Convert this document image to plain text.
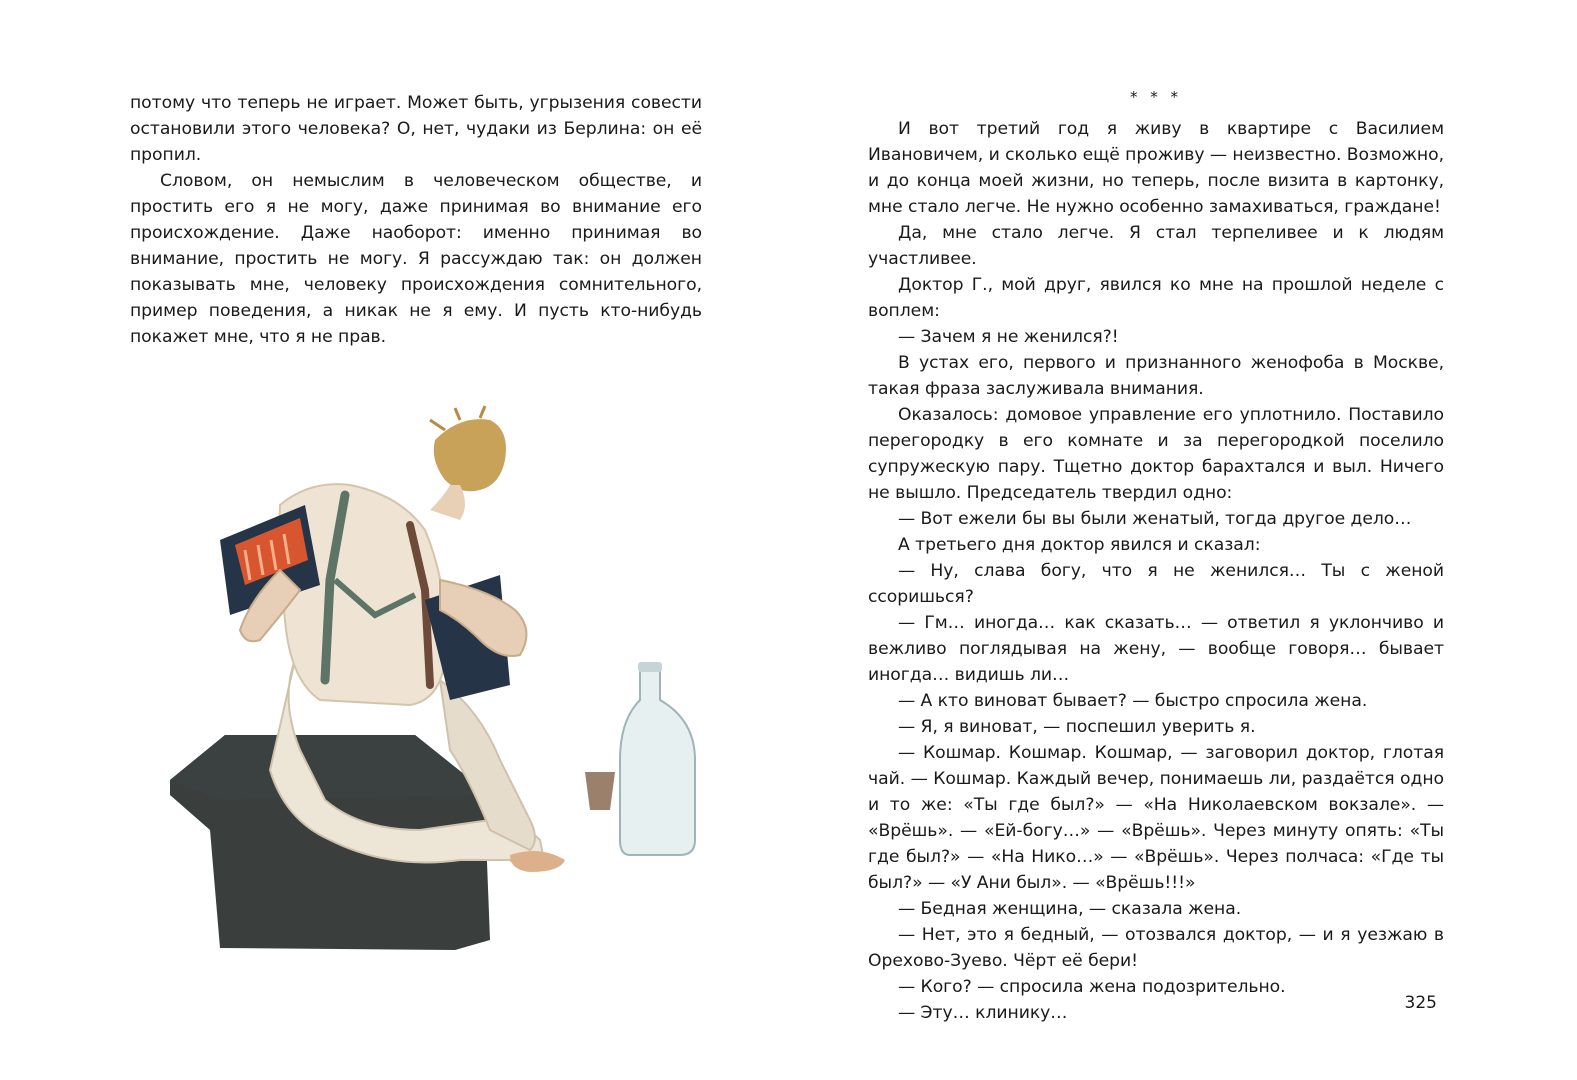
потому что теперь не играет. Может быть, угрызения совести остановили этого человека? О, нет, чудаки из Берлина: он её пропил.

Словом, он немыслим в человеческом обществе, и простить его я не могу, даже принимая во внимание его происхождение. Даже наоборот: именно принимая во внимание, простить не могу. Я рассуждаю так: он должен показывать мне, человеку происхождения сомнительного, пример поведения, а никак не я ему. И пусть кто-нибудь покажет мне, что я не прав.

* * *

И вот третий год я живу в квартире с Василием Ивановичем, и сколько ещё проживу — неизвестно. Возможно, и до конца моей жизни, но теперь, после визита в картонку, мне стало легче. Не нужно особенно замахиваться, граждане!

Да, мне стало легче. Я стал терпеливее и к людям участливее.

Доктор Г., мой друг, явился ко мне на прошлой неделе с воплем:

— Зачем я не женился?!

В устах его, первого и признанного женофоба в Москве, такая фраза заслуживала внимания.

Оказалось: домовое управление его уплотнило. Поставило перегородку в его комнате и за перегородкой поселило супружескую пару. Тщетно доктор барахтался и выл. Ничего не вышло. Председатель твердил одно:

— Вот ежели бы вы были женатый, тогда другое дело…

А третьего дня доктор явился и сказал:

— Ну, слава богу, что я не женился… Ты с женой ссоришься?

— Гм… иногда… как сказать… — ответил я уклончиво и вежливо поглядывая на жену, — вообще говоря… бывает иногда… видишь ли…

— А кто виноват бывает? — быстро спросила жена.

— Я, я виноват, — поспешил уверить я.

— Кошмар. Кошмар. Кошмар, — заговорил доктор, глотая чай. — Кошмар. Каждый вечер, понимаешь ли, раздаётся одно и то же: «Ты где был?» — «На Николаевском вокзале». — «Врёшь». — «Ей-богу…» — «Врёшь». Через минуту опять: «Ты где был?» — «На Нико…» — «Врёшь». Через полчаса: «Где ты был?» — «У Ани был». — «Врёшь!!!»

— Бедная женщина, — сказала жена.

— Нет, это я бедный, — отозвался доктор, — и я уезжаю в Орехово-Зуево. Чёрт её бери!

— Кого? — спросила жена подозрительно.

— Эту… клинику…	325
